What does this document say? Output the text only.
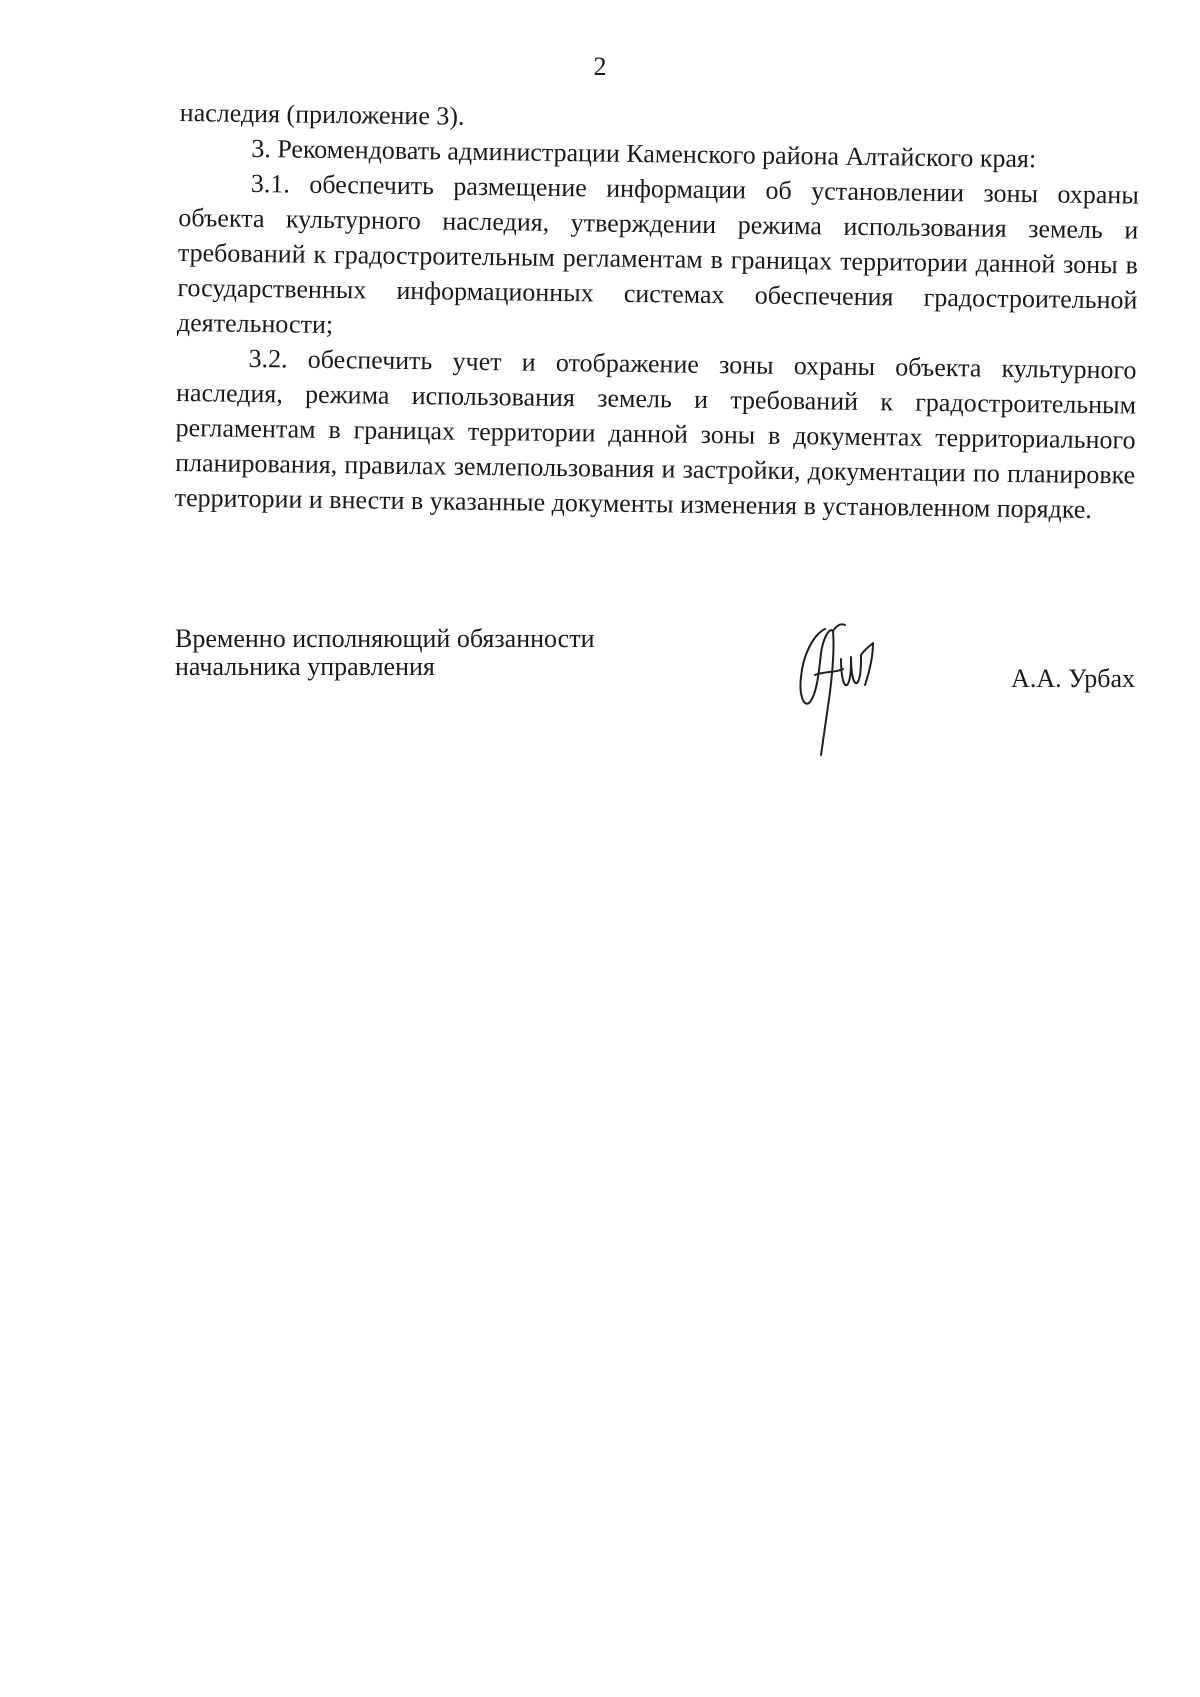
2

наследия (приложение 3).

3. Рекомендовать администрации Каменского района Алтайского края:

3.1. обеспечить размещение информации об установлении зоны охраны объекта культурного наследия, утверждении режима использования земель и требований к градостроительным регламентам в границах территории данной зоны в государственных информационных системах обеспечения градостроительной деятельности;

3.2. обеспечить учет и отображение зоны охраны объекта культурного наследия, режима использования земель и требований к градостроительным регламентам в границах территории данной зоны в документах территориального планирования, правилах землепользования и застройки, документации по планировке территории и внести в указанные документы изменения в установленном порядке.

Временно исполняющий обязанности
начальника управления	А.А. Урбах
